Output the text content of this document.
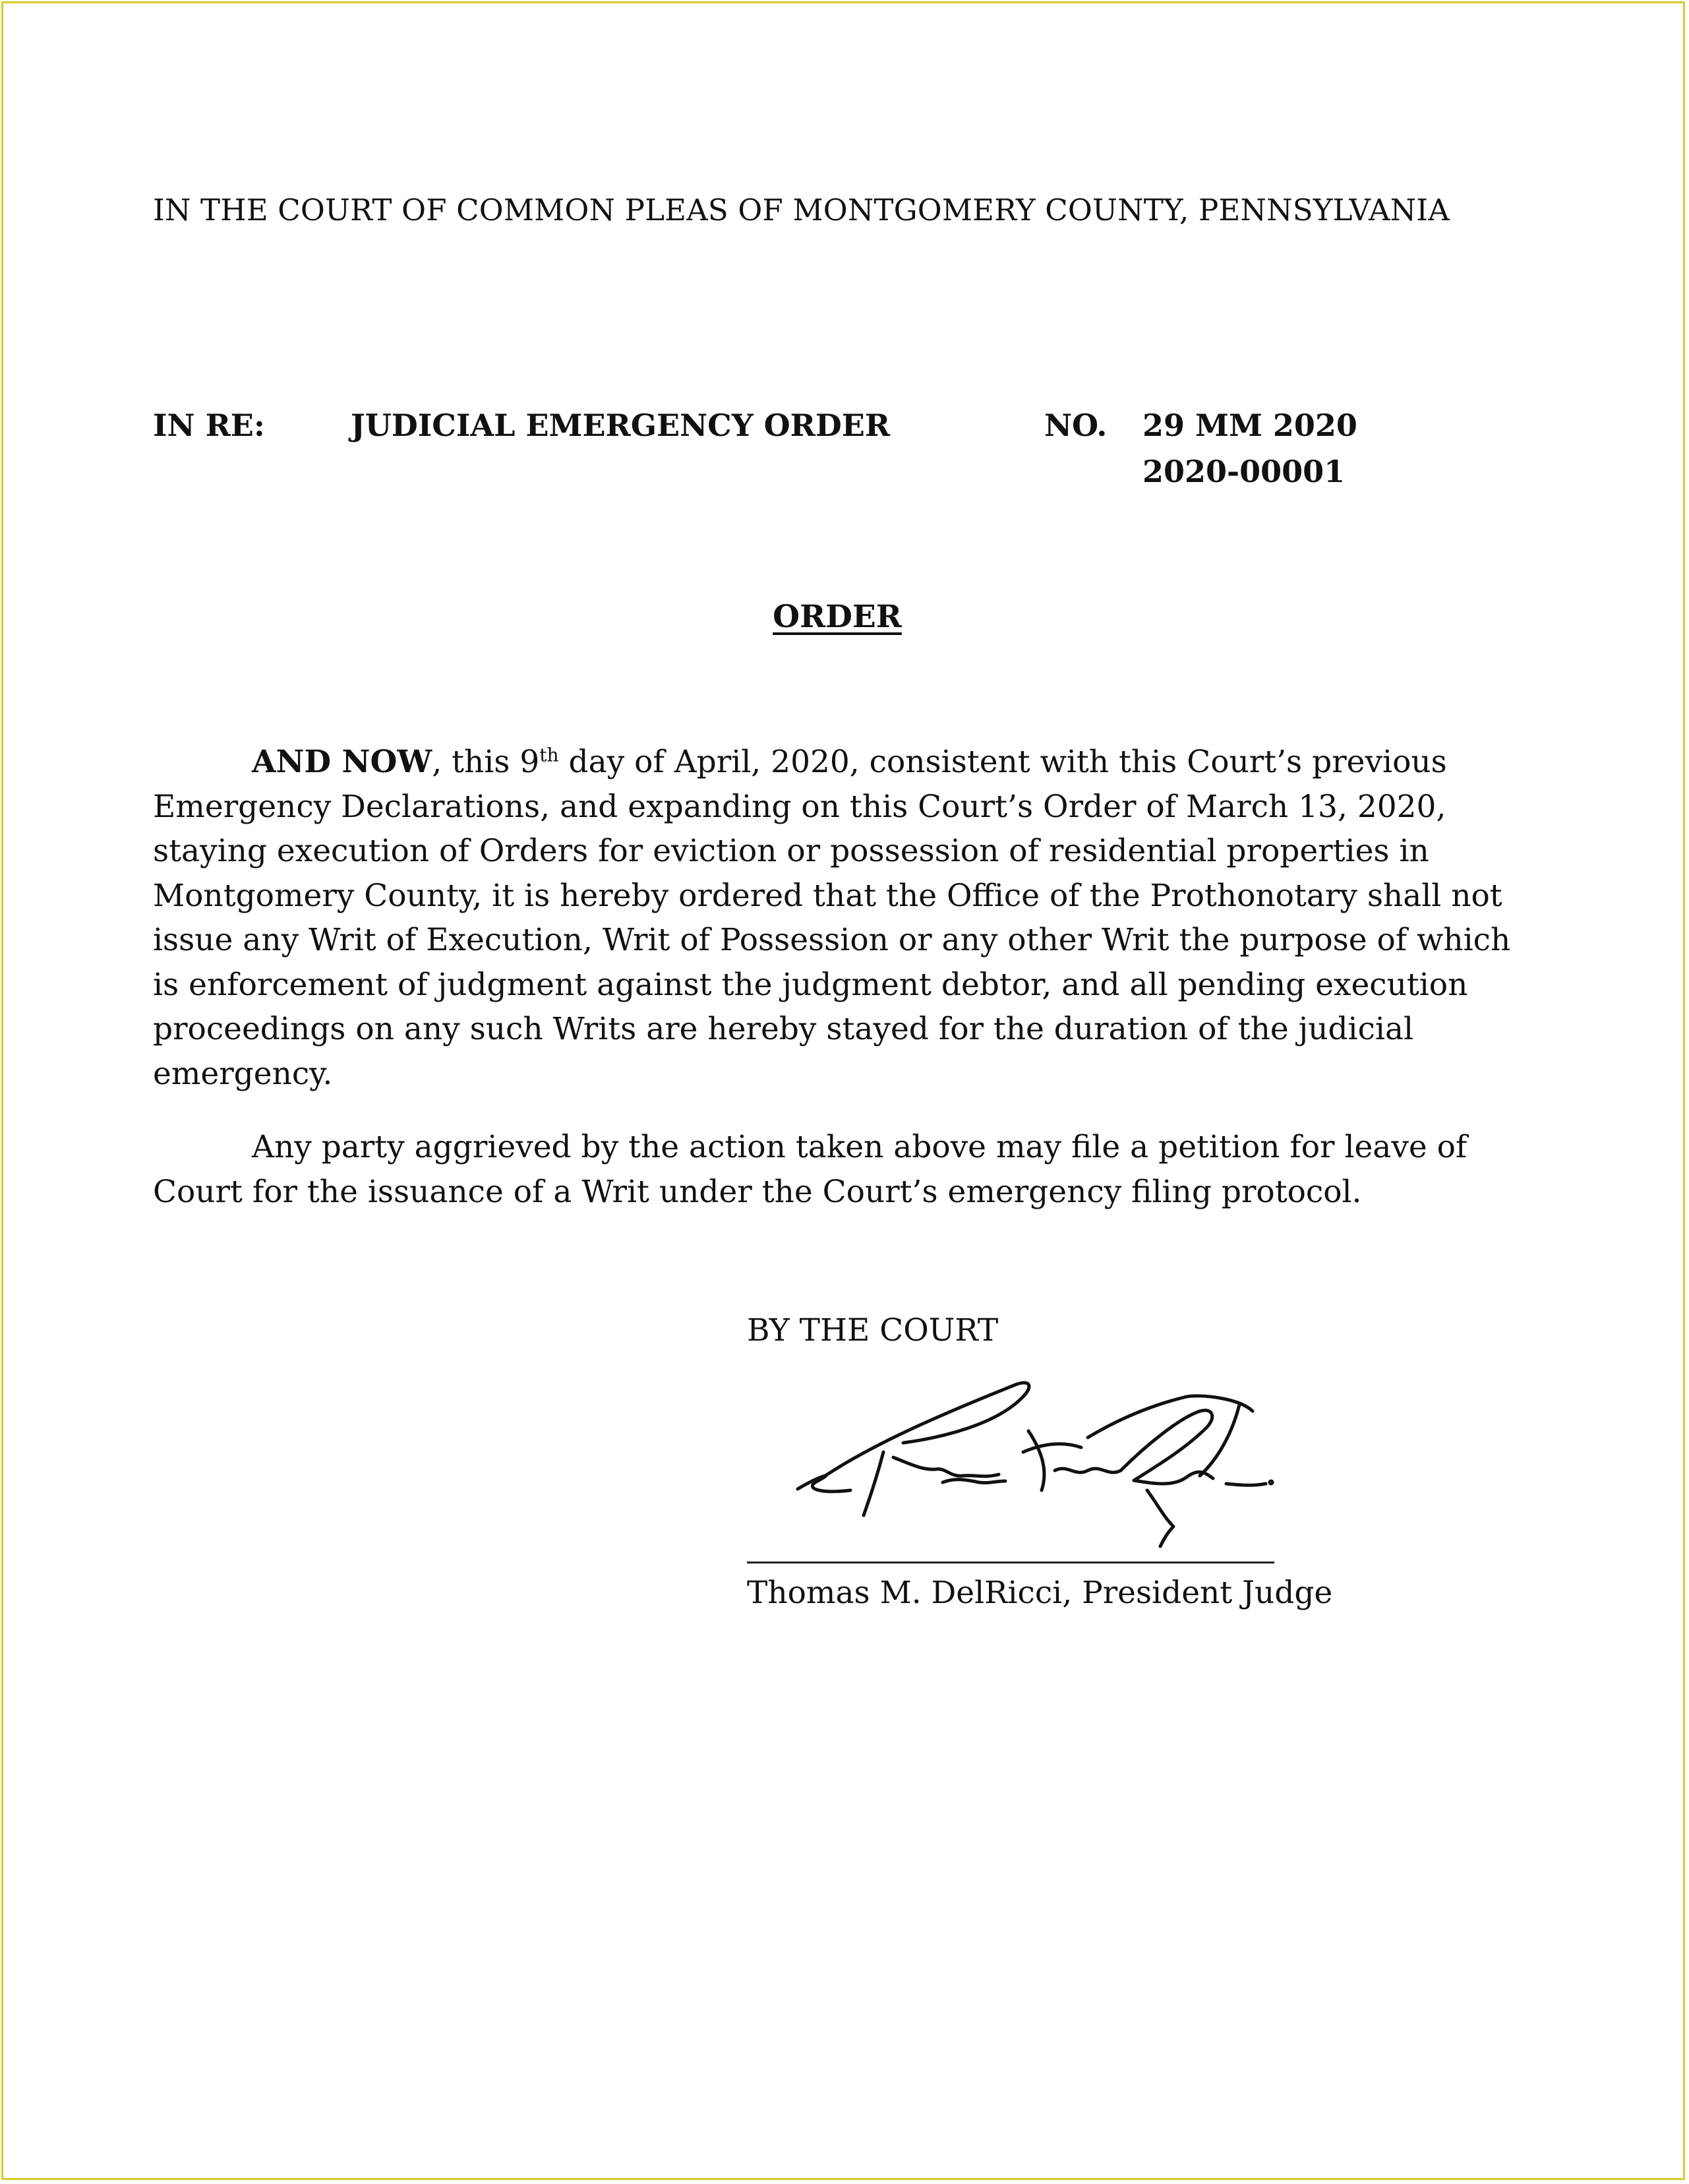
IN THE COURT OF COMMON PLEAS OF MONTGOMERY COUNTY, PENNSYLVANIA
IN RE:	JUDICIAL EMERGENCY ORDER	NO. 29 MM 2020
2020-00001
ORDER

AND NOW, this 9th day of April, 2020, consistent with this Court’s previous Emergency Declarations, and expanding on this Court’s Order of March 13, 2020, staying execution of Orders for eviction or possession of residential properties in Montgomery County, it is hereby ordered that the Office of the Prothonotary shall not issue any Writ of Execution, Writ of Possession or any other Writ the purpose of which is enforcement of judgment against the judgment debtor, and all pending execution proceedings on any such Writs are hereby stayed for the duration of the judicial emergency.

Any party aggrieved by the action taken above may file a petition for leave of Court for the issuance of a Writ under the Court’s emergency filing protocol.

BY THE COURT
Thomas M. DelRicci, President Judge
